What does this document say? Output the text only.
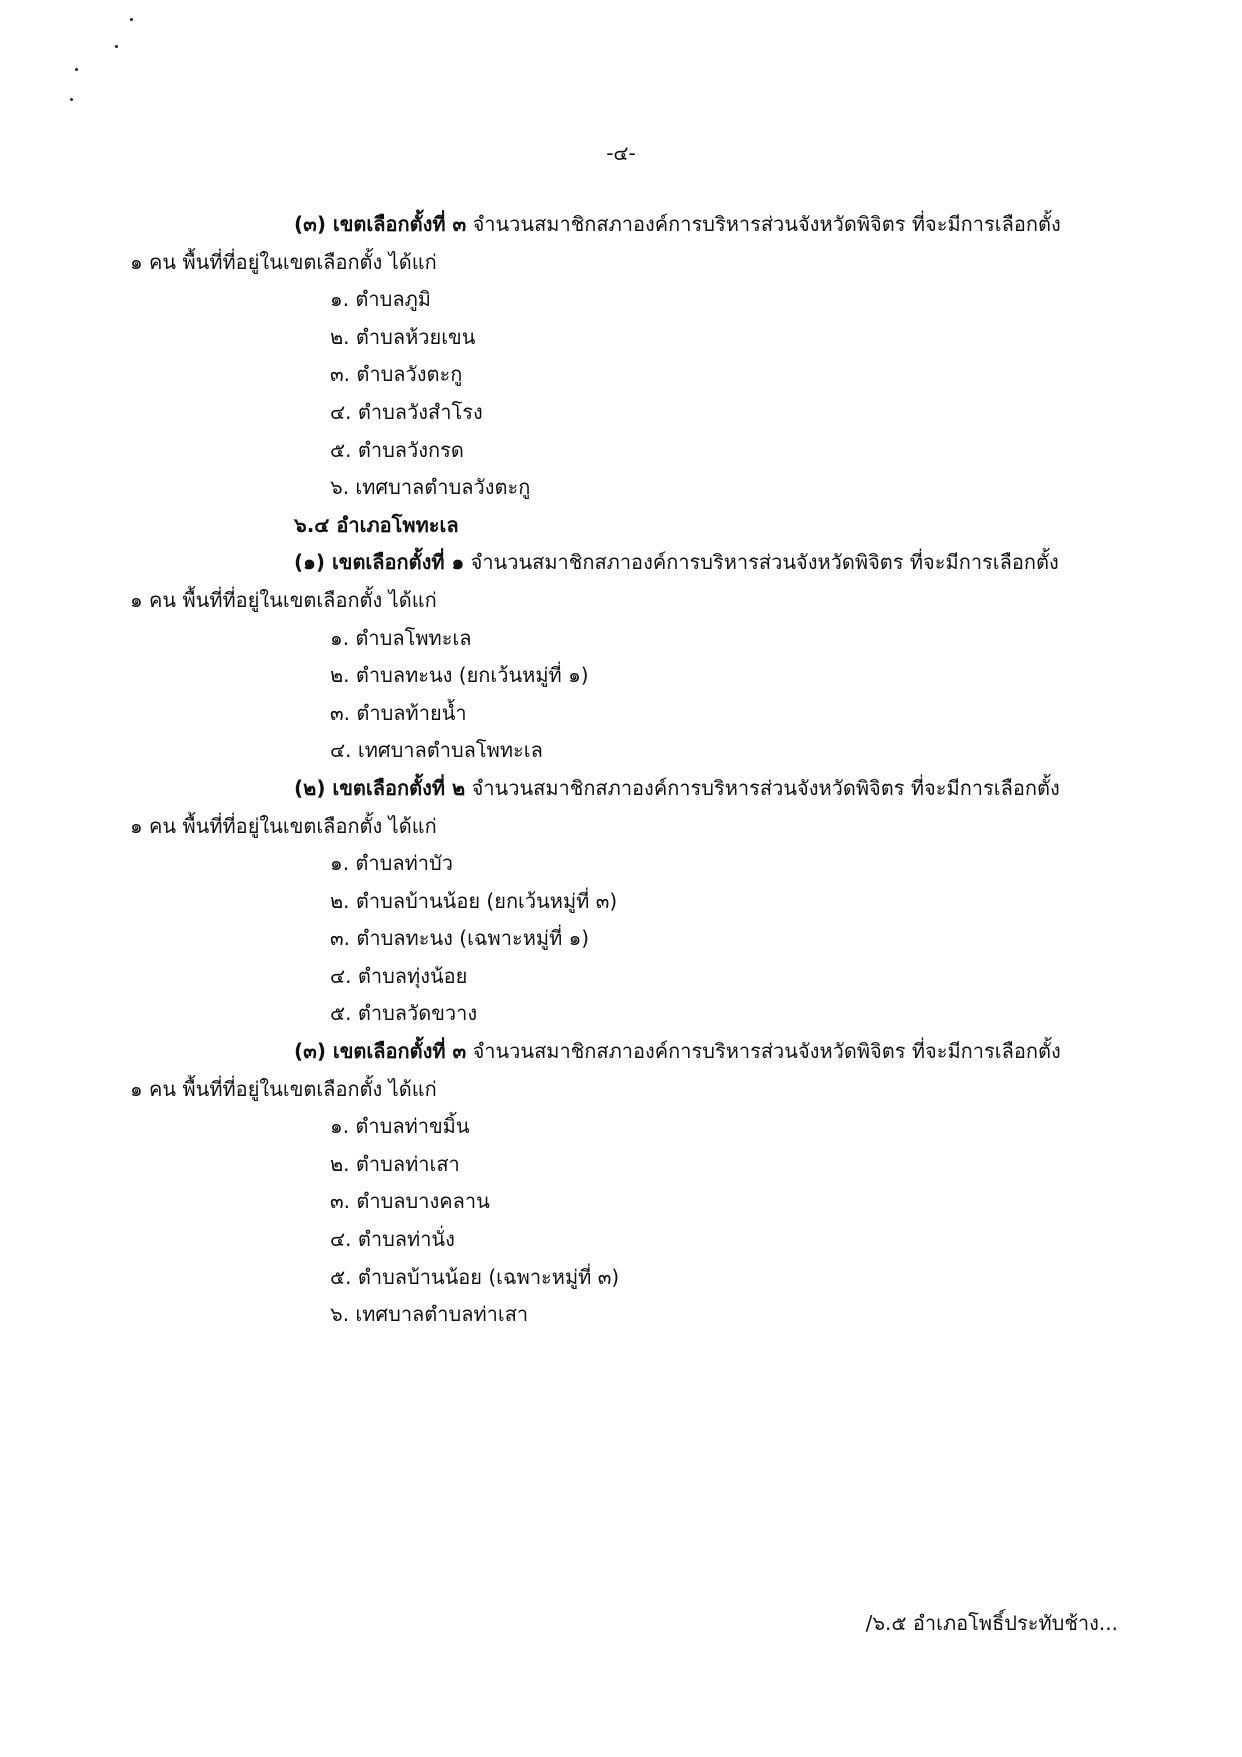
-๔-
(๓) เขตเลือกตั้งที่ ๓ จำนวนสมาชิกสภาองค์การบริหารส่วนจังหวัดพิจิตร ที่จะมีการเลือกตั้ง
๑ คน พื้นที่ที่อยู่ในเขตเลือกตั้ง ได้แก่
๑. ตำบลภูมิ
๒. ตำบลห้วยเขน
๓. ตำบลวังตะกู
๔. ตำบลวังสำโรง
๕. ตำบลวังกรด
๖. เทศบาลตำบลวังตะกู
๖.๔ อำเภอโพทะเล
(๑) เขตเลือกตั้งที่ ๑ จำนวนสมาชิกสภาองค์การบริหารส่วนจังหวัดพิจิตร ที่จะมีการเลือกตั้ง
๑ คน พื้นที่ที่อยู่ในเขตเลือกตั้ง ได้แก่
๑. ตำบลโพทะเล
๒. ตำบลทะนง (ยกเว้นหมู่ที่ ๑)
๓. ตำบลท้ายน้ำ
๔. เทศบาลตำบลโพทะเล
(๒) เขตเลือกตั้งที่ ๒ จำนวนสมาชิกสภาองค์การบริหารส่วนจังหวัดพิจิตร ที่จะมีการเลือกตั้ง
๑ คน พื้นที่ที่อยู่ในเขตเลือกตั้ง ได้แก่
๑. ตำบลท่าบัว
๒. ตำบลบ้านน้อย (ยกเว้นหมู่ที่ ๓)
๓. ตำบลทะนง (เฉพาะหมู่ที่ ๑)
๔. ตำบลทุ่งน้อย
๕. ตำบลวัดขวาง
(๓) เขตเลือกตั้งที่ ๓ จำนวนสมาชิกสภาองค์การบริหารส่วนจังหวัดพิจิตร ที่จะมีการเลือกตั้ง
๑ คน พื้นที่ที่อยู่ในเขตเลือกตั้ง ได้แก่
๑. ตำบลท่าขมิ้น
๒. ตำบลท่าเสา
๓. ตำบลบางคลาน
๔. ตำบลท่านั่ง
๕. ตำบลบ้านน้อย (เฉพาะหมู่ที่ ๓)
๖. เทศบาลตำบลท่าเสา
/๖.๕ อำเภอโพธิ์ประทับช้าง...
